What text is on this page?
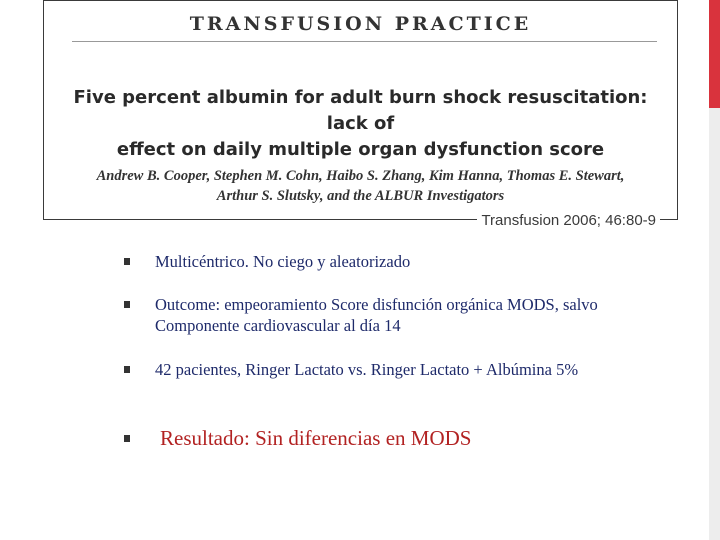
TRANSFUSION PRACTICE
Five percent albumin for adult burn shock resuscitation: lack of
effect on daily multiple organ dysfunction score
Andrew B. Cooper, Stephen M. Cohn, Haibo S. Zhang, Kim Hanna, Thomas E. Stewart,
Arthur S. Slutsky, and the ALBUR Investigators
Transfusion 2006; 46:80-9
Multicéntrico. No ciego y aleatorizado
Outcome: empeoramiento Score disfunción orgánica MODS, salvo Componente cardiovascular al día 14
42 pacientes, Ringer Lactato vs. Ringer Lactato + Albúmina 5%
Resultado: Sin diferencias en MODS
